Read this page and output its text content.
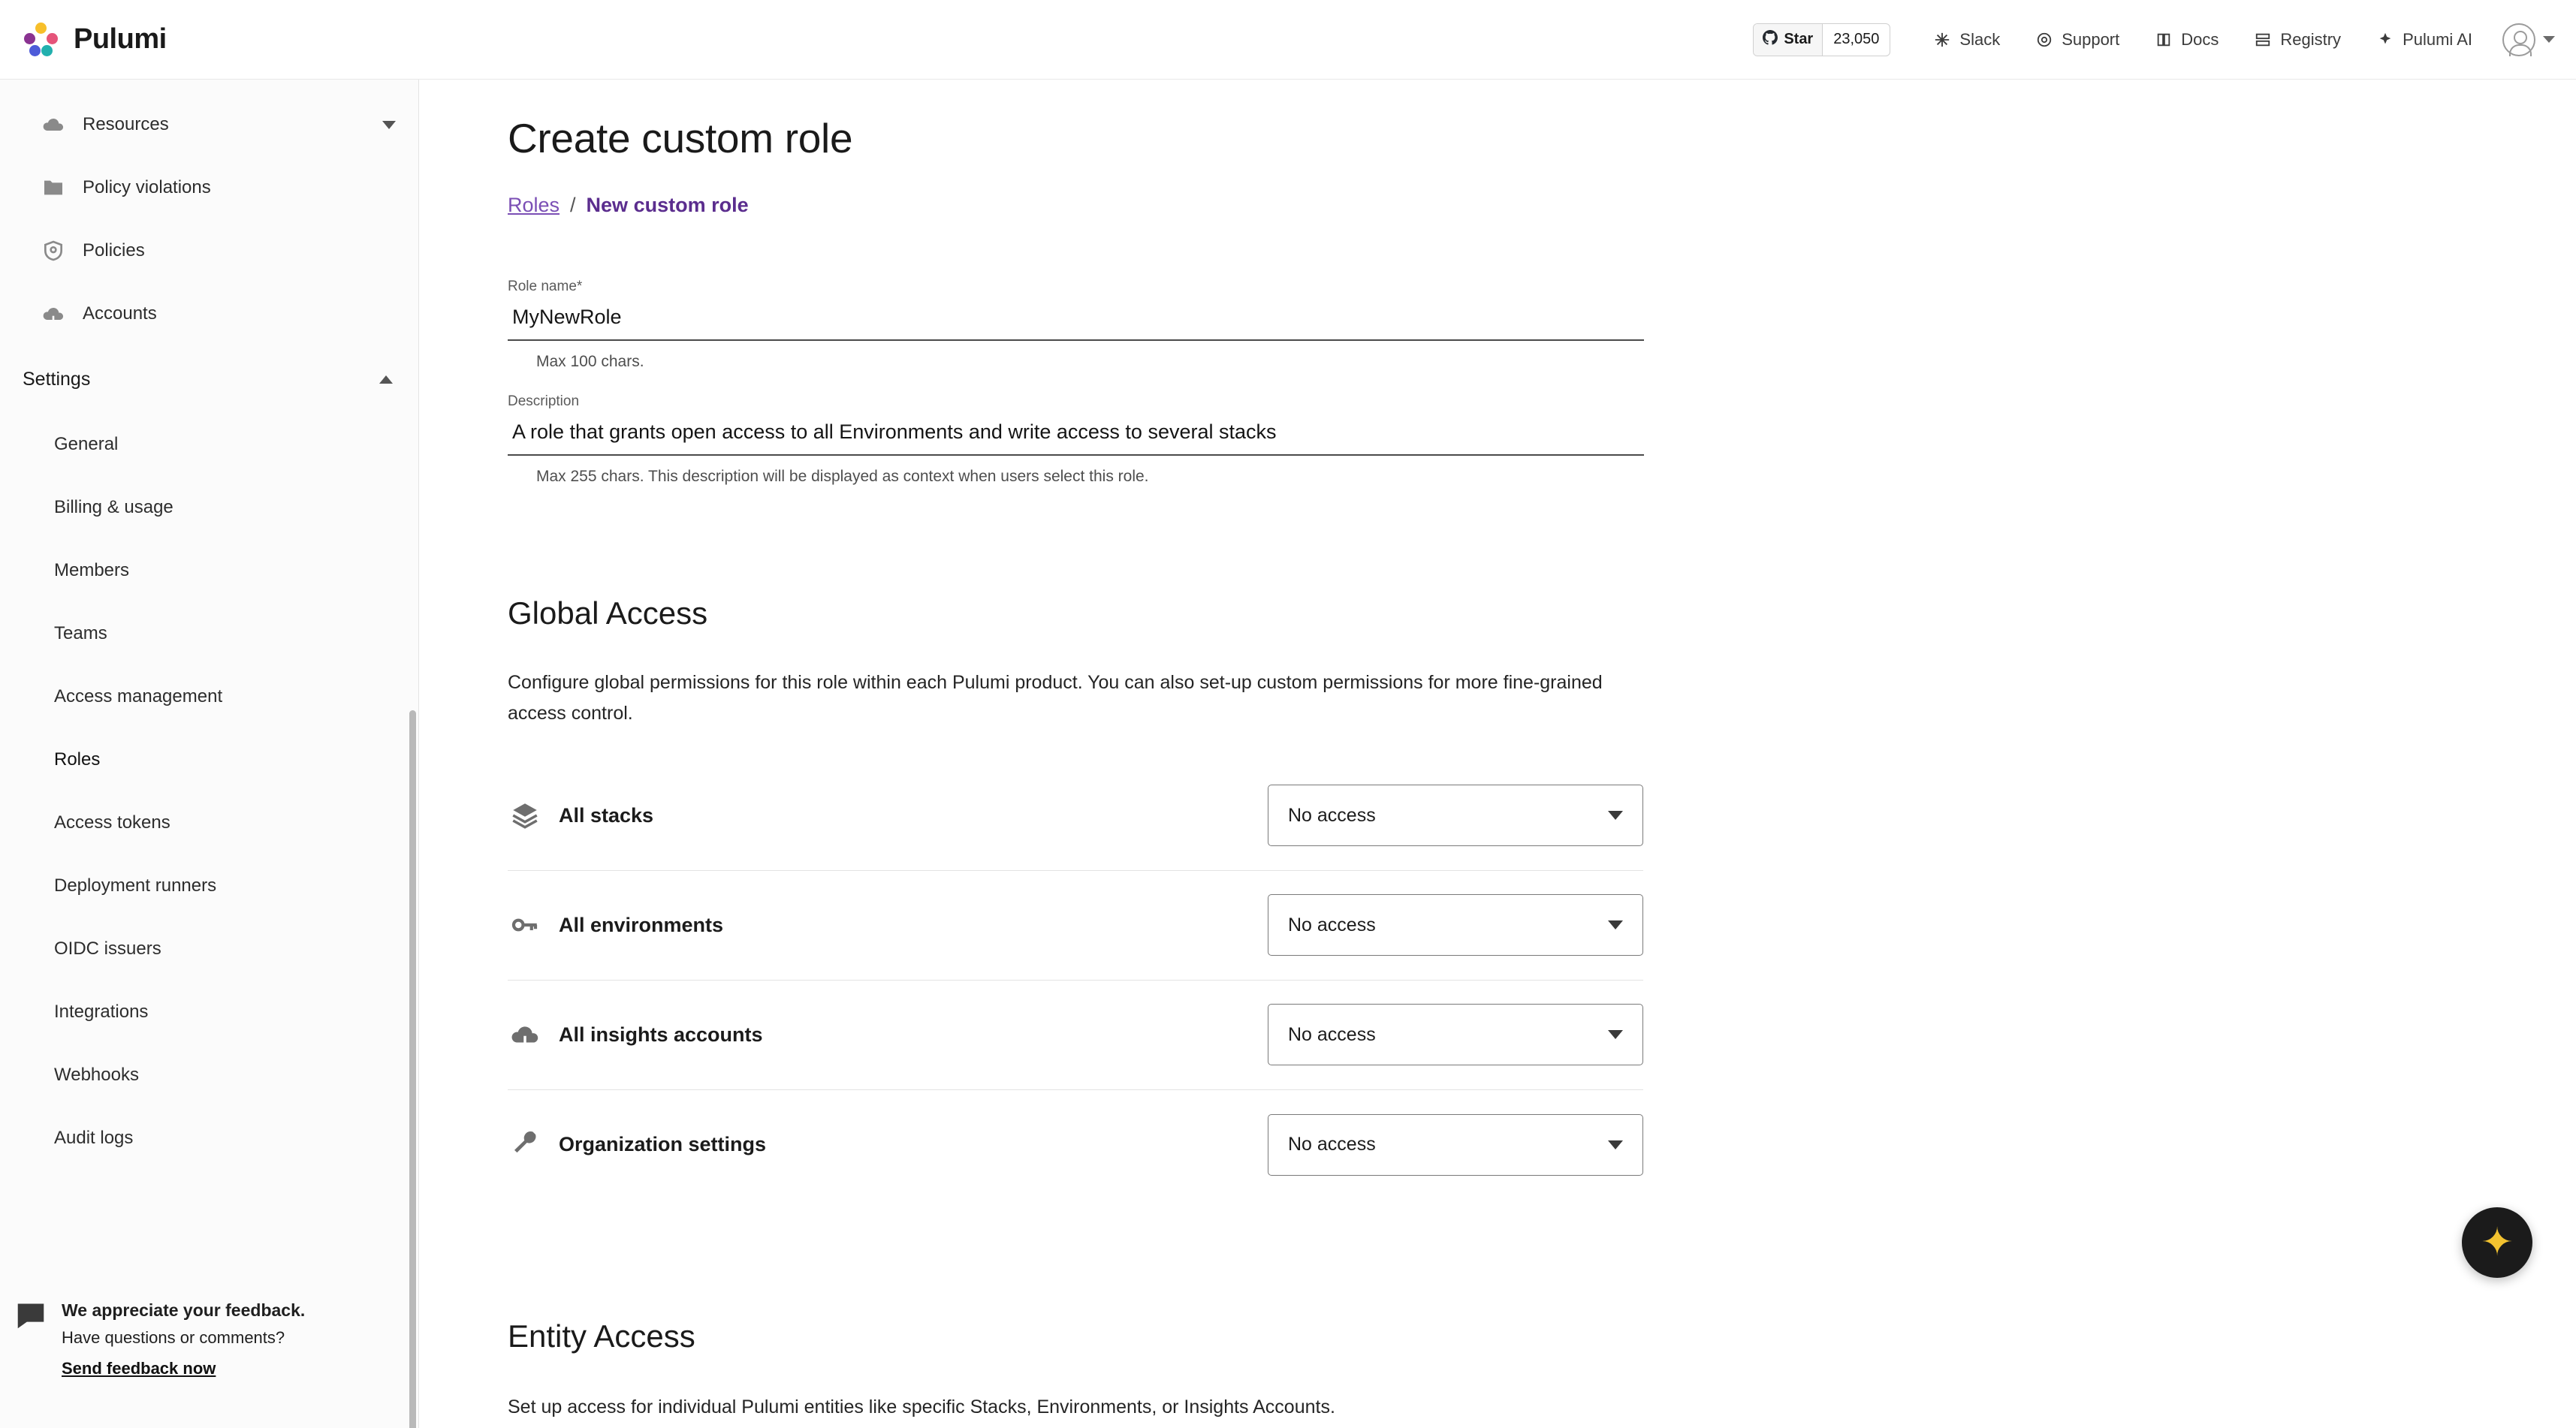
Pulumi	Star	23,050	Slack	Support	Docs	Registry	Pulumi AI
Resources
Policy violations
Policies
Accounts
Settings
General
Billing & usage
Members
Teams
Access management
Roles
Access tokens
Deployment runners
OIDC issuers
Integrations
Webhooks
Audit logs
We appreciate your feedback.
Have questions or comments?
Send feedback now
Create custom role
Roles / New custom role
Role name*
MyNewRole
Max 100 chars.
Description
A role that grants open access to all Environments and write access to several stacks
Max 255 chars. This description will be displayed as context when users select this role.
Global Access
Configure global permissions for this role within each Pulumi product. You can also set-up custom permissions for more fine-grained access control.
All stacks	No access
All environments	No access
All insights accounts	No access
Organization settings	No access
Entity Access
Set up access for individual Pulumi entities like specific Stacks, Environments, or Insights Accounts.
✦
